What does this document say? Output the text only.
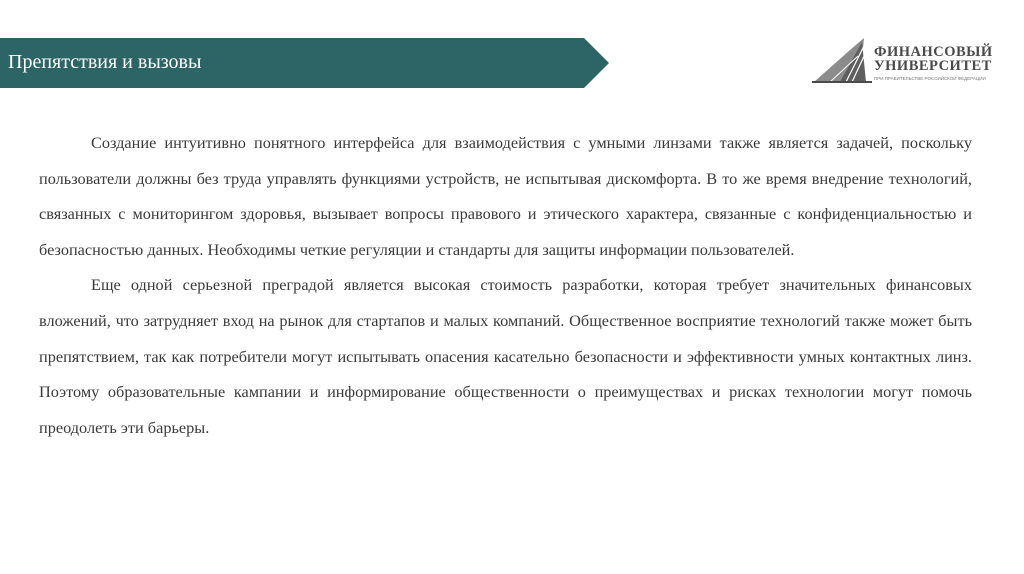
Препятствия и вызовы	ФИНАНСОВЫЙ
УНИВЕРСИТЕТ
ПРИ ПРАВИТЕЛЬСТВЕ РОССИЙСКОЙ ФЕДЕРАЦИИ

Создание интуитивно понятного интерфейса для взаимодействия с умными линзами также является задачей, поскольку пользователи должны без труда управлять функциями устройств, не испытывая дискомфорта. В то же время внедрение технологий, связанных с мониторингом здоровья, вызывает вопросы правового и этического характера, связанные с конфиденциальностью и безопасностью данных. Необходимы четкие регуляции и стандарты для защиты информации пользователей.

Еще одной серьезной преградой является высокая стоимость разработки, которая требует значительных финансовых вложений, что затрудняет вход на рынок для стартапов и малых компаний. Общественное восприятие технологий также может быть препятствием, так как потребители могут испытывать опасения касательно безопасности и эффективности умных контактных линз. Поэтому образовательные кампании и информирование общественности о преимуществах и рисках технологии могут помочь преодолеть эти барьеры.
